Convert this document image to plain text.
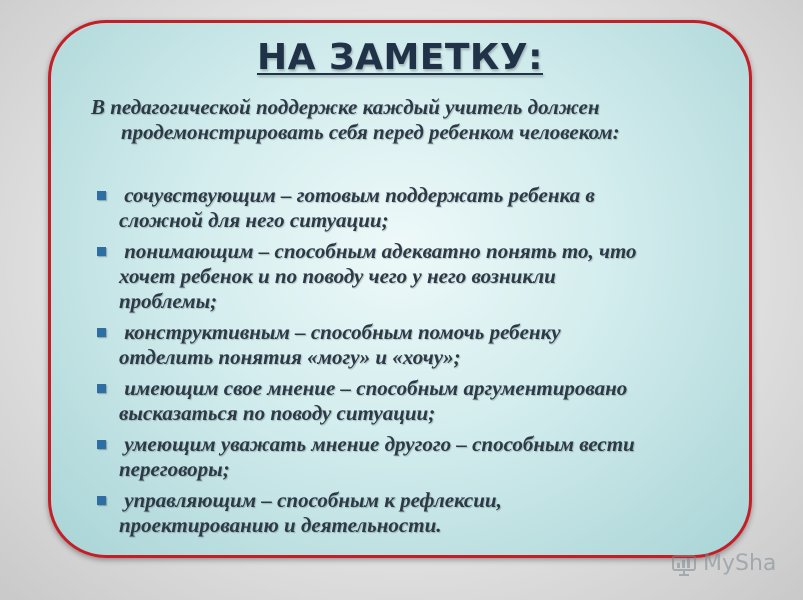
НА ЗАМЕТКУ:
В педагогической поддержке каждый учитель должен
продемонстрировать себя перед ребенком человеком:
сочувствующим – готовым поддержать ребенка в
сложной для него ситуации;
понимающим – способным адекватно понять то, что
хочет ребенок и по поводу чего у него возникли
проблемы;
конструктивным – способным помочь ребенку
отделить понятия «могу» и «хочу»;
имеющим свое мнение – способным аргументировано
высказаться по поводу ситуации;
умеющим уважать мнение другого – способным вести
переговоры;
управляющим – способным к рефлексии,
проектированию и деятельности.
MySha
